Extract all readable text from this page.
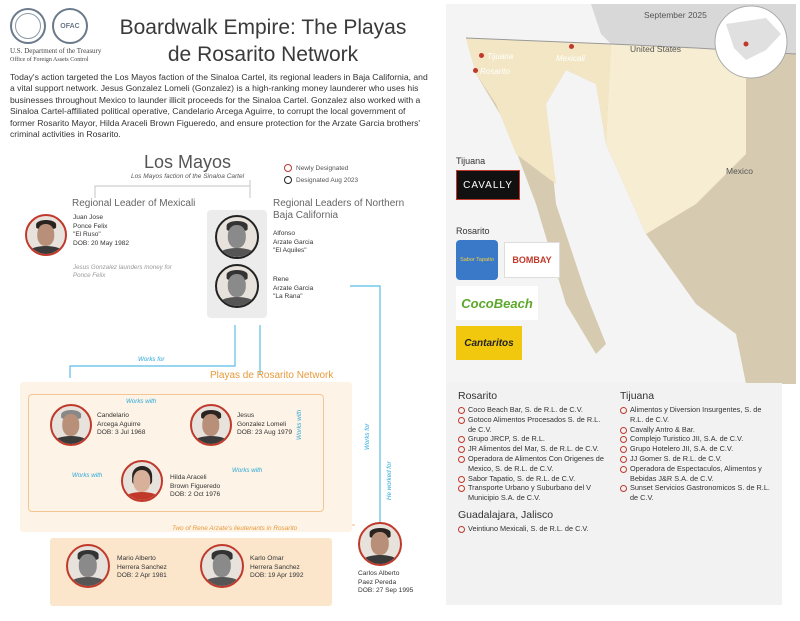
OFAC
U.S. Department of the Treasury
Office of Foreign Assets Control
Boardwalk Empire: The Playas
de Rosarito Network
Today's action targeted the Los Mayos faction of the Sinaloa Cartel, its regional leaders in Baja California, and a vital support network. Jesus Gonzalez Lomeli (Gonzalez) is a high-ranking money launderer who uses his businesses throughout Mexico to launder illicit proceeds for the Sinaloa Cartel. Gonzalez also worked with a Sinaloa Cartel-affiliated political operative, Candelario Arcega Aguirre, to corrupt the local government of former Rosarito Mayor, Hilda Araceli Brown Figueredo, and ensure protection for the Arzate Garcia brothers' criminal activities in Rosarito.
Los Mayos
Los Mayos faction of the Sinaloa Cartel
Newly Designated
Designated Aug 2023
Regional Leader of Mexicali
Juan Jose
Ponce Felix
"El Ruso"
DOB: 20 May 1982
Jesus Gonzalez launders money for Ponce Felix
Regional Leaders of Northern
Baja California
Alfonso
Arzate Garcia
"El Aquiles"
Rene
Arzate Garcia
"La Rana"
Playas de Rosarito Network
Works for
Works with
Works with
Works with
Works with	Works for
He worked for
Candelario
Arcega Aguirre
DOB: 3 Jul 1968
Jesus
Gonzalez Lomeli
DOB: 23 Aug 1979
Hilda Araceli
Brown Figueredo
DOB: 2 Oct 1976
Two of Rene Arzate's lieutenants in Rosarito
Mario Alberto
Herrera Sanchez
DOB: 2 Apr 1981
Karlo Omar
Herrera Sanchez
DOB: 19 Apr 1992	Carlos Alberto
Paez Pereda
DOB: 27 Sep 1995
September 2025
United States
Mexico
Tijuana
Rosarito
Mexicali
Tijuana
CAVALLY
Rosarito
Sabor Tapatio BOMBAY
CocoBeach
Cantaritos
Rosarito
Coco Beach Bar, S. de R.L. de C.V.
Gotoco Alimentos Procesados S. de R.L. de C.V.
Grupo JRCP, S. de R.L.
JR Alimentos del Mar, S. de R.L. de C.V.
Operadora de Alimentos Con Origenes de Mexico, S. de R.L. de C.V.
Sabor Tapatio, S. de R.L. de C.V.
Transporte Urbano y Suburbano del V Municipio S.A. de C.V.
Guadalajara, Jalisco
Veintiuno Mexicali, S. de R.L. de C.V.
Tijuana
Alimentos y Diversion Insurgentes, S. de R.L. de C.V.
Cavally Antro & Bar.
Complejo Turistico JII, S.A. de C.V.
Grupo Hotelero JII, S.A. de C.V.
JJ Gomer S. de R.L. de C.V.
Operadora de Espectaculos, Alimentos y Bebidas J&R S.A. de C.V.
Sunset Servicios Gastronomicos S. de R.L. de C.V.
